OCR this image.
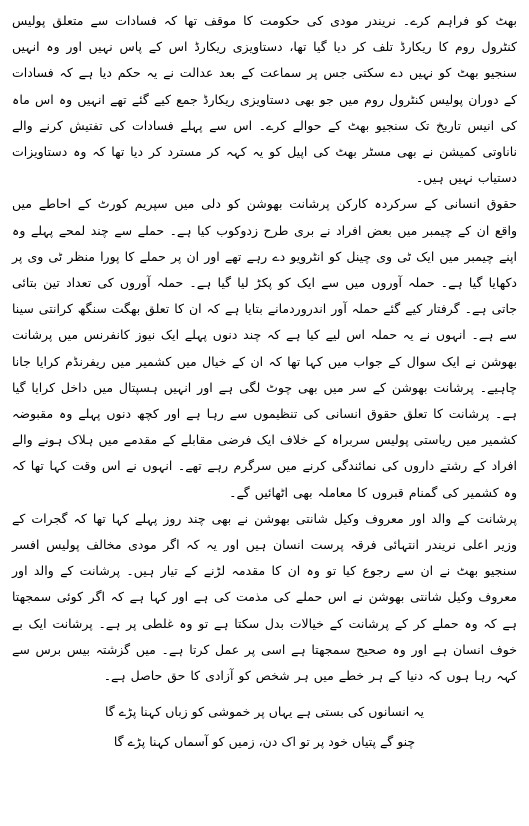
بھٹ کو فراہم کرے۔ نریندر مودی کی حکومت کا موقف تھا کہ فسادات سے متعلق پولیس کنٹرول روم کا ریکارڈ تلف کر دیا گیا تھا، دستاویزی ریکارڈ اس کے پاس نہیں اور وہ انہیں سنجیو بھٹ کو نہیں دے سکتی جس پر سماعت کے بعد عدالت نے یہ حکم دیا ہے کہ فسادات کے دوران پولیس کنٹرول روم میں جو بھی دستاویزی ریکارڈ جمع کیے گئے تھے انہیں وہ اس ماہ کی انیس تاریخ تک سنجیو بھٹ کے حوالے کرے۔ اس سے پہلے فسادات کی تفتیش کرنے والے ناناوتی کمیشن نے بھی مسٹر بھٹ کی اپیل کو یہ کہہ کر مسترد کر دیا تھا کہ وہ دستاویزات دستیاب نہیں ہیں۔

حقوق انسانی کے سرکردہ کارکن پرشانت بھوشن کو دلی میں سپریم کورٹ کے احاطے میں واقع ان کے چیمبر میں بعض افراد نے بری طرح زدوکوب کیا ہے۔ حملے سے چند لمحے پہلے وہ اپنے چیمبر میں ایک ٹی وی چینل کو انٹرویو دے رہے تھے اور ان پر حملے کا پورا منظر ٹی وی پر دکھایا گیا ہے۔ حملہ آوروں میں سے ایک کو پکڑ لیا گیا ہے۔ حملہ آوروں کی تعداد تین بتائی جاتی ہے۔ گرفتار کیے گئے حملہ آور اندروردمانے بتایا ہے کہ ان کا تعلق بھگت سنگھ کرانتی سینا سے ہے۔ انہوں نے یہ حملہ اس لیے کیا ہے کہ چند دنوں پہلے ایک نیوز کانفرنس میں پرشانت بھوشن نے ایک سوال کے جواب میں کہا تھا کہ ان کے خیال میں کشمیر میں ریفرنڈم کرایا جانا چاہیے۔ پرشانت بھوشن کے سر میں بھی چوٹ لگی ہے اور انہیں ہسپتال میں داخل کرایا گیا ہے۔ پرشانت کا تعلق حقوق انسانی کی تنظیموں سے رہا ہے اور کچھ دنوں پہلے وہ مقبوضہ کشمیر میں ریاستی پولیس سربراہ کے خلاف ایک فرضی مقابلے کے مقدمے میں ہلاک ہونے والے افراد کے رشتے داروں کی نمائندگی کرنے میں سرگرم رہے تھے۔ انہوں نے اس وقت کہا تھا کہ وہ کشمیر کی گمنام قبروں کا معاملہ بھی اٹھائیں گے۔

پرشانت کے والد اور معروف وکیل شانتی بھوشن نے بھی چند روز پہلے کہا تھا کہ گجرات کے وزیر اعلی نریندر انتہائی فرقہ پرست انسان ہیں اور یہ کہ اگر مودی مخالف پولیس افسر سنجیو بھٹ نے ان سے رجوع کیا تو وہ ان کا مقدمہ لڑنے کے تیار ہیں۔ پرشانت کے والد اور معروف وکیل شانتی بھوشن نے اس حملے کی مذمت کی ہے اور کہا ہے کہ اگر کوئی سمجھتا ہے کہ وہ حملے کر کے پرشانت کے خیالات بدل سکتا ہے تو وہ غلطی پر ہے۔ پرشانت ایک بے خوف انسان ہے اور وہ صحیح سمجھتا ہے اسی پر عمل کرتا ہے۔ میں گزشتہ بیس برس سے کہہ رہا ہوں کہ دنیا کے ہر خطے میں ہر شخص کو آزادی کا حق حاصل ہے۔

یہ انسانوں کی بستی ہے یہاں پر خموشی کو زباں کہنا پڑے گا
چنو گے پتیاں خود پر تو اک دن، زمیں کو آسماں کہنا پڑے گا
